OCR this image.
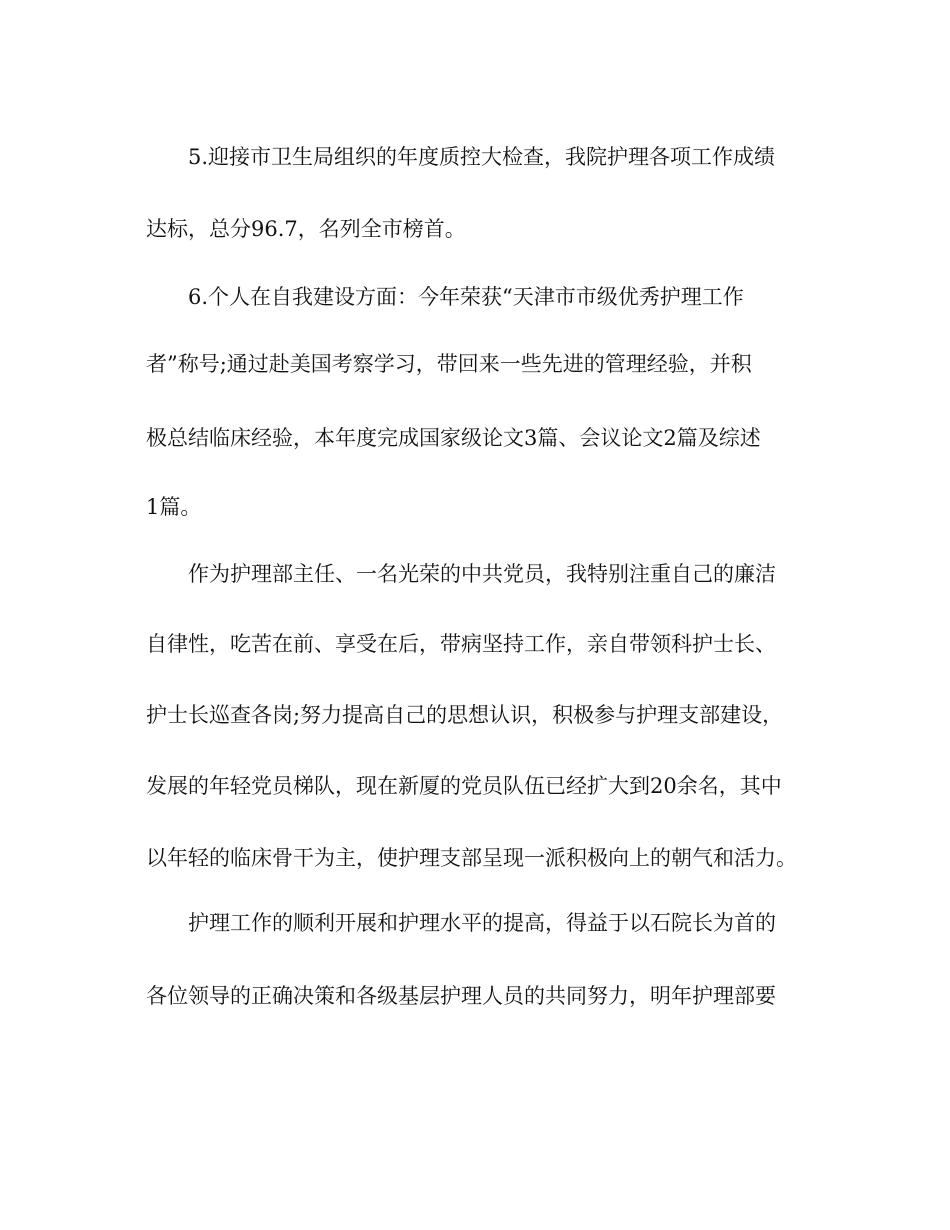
5.迎接市卫生局组织的年度质控大检查，我院护理各项工作成绩
达标，总分96.7，名列全市榜首。
6.个人在自我建设方面：今年荣获“天津市市级优秀护理工作
者”称号;通过赴美国考察学习，带回来一些先进的管理经验，并积
极总结临床经验，本年度完成国家级论文3篇、会议论文2篇及综述
1篇。
作为护理部主任、一名光荣的中共党员，我特别注重自己的廉洁
自律性，吃苦在前、享受在后，带病坚持工作，亲自带领科护士长、
护士长巡查各岗;努力提高自己的思想认识，积极参与护理支部建设，
发展的年轻党员梯队，现在新厦的党员队伍已经扩大到20余名，其中
以年轻的临床骨干为主，使护理支部呈现一派积极向上的朝气和活力。
护理工作的顺利开展和护理水平的提高，得益于以石院长为首的
各位领导的正确决策和各级基层护理人员的共同努力，明年护理部要
